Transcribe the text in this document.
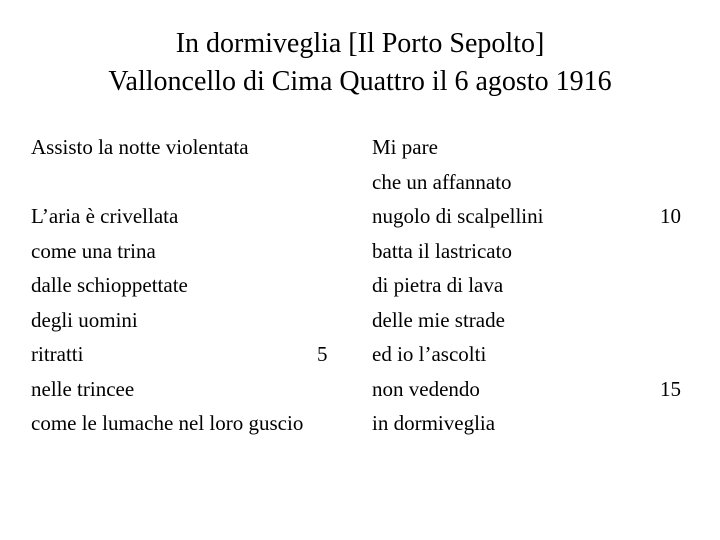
In dormiveglia [Il Porto Sepolto]
Valloncello di Cima Quattro il 6 agosto 1916
Assisto la notte violentata
L’aria è crivellata
come una trina
dalle schioppettate
degli uomini
ritratti	5
nelle trincee
come le lumache nel loro guscio
Mi pare
che un affannato
nugolo di scalpellini	10
batta il lastricato
di pietra di lava
delle mie strade
ed io l’ascolti
non vedendo	15
in dormiveglia
